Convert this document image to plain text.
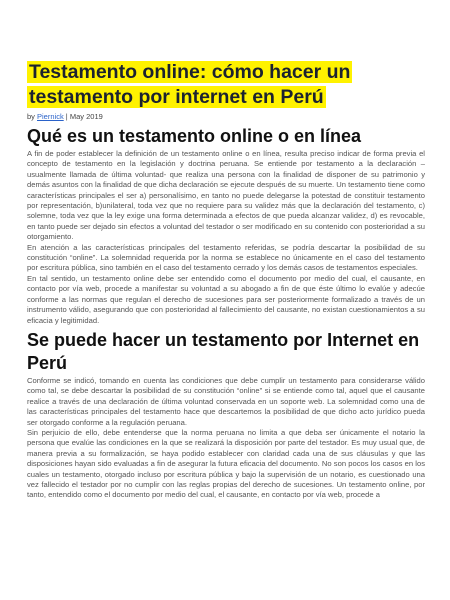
Testamento online: cómo hacer un testamento por internet en Perú

by Piernick | May 2019

Qué es un testamento online o en línea

A fin de poder establecer la definición de un testamento online o en línea, resulta preciso indicar de forma previa el concepto de testamento en la legislación y doctrina peruana. Se entiende por testamento a la declaración –usualmente llamada de última voluntad- que realiza una persona con la finalidad de disponer de su patrimonio y demás asuntos con la finalidad de que dicha declaración se ejecute después de su muerte. Un testamento tiene como características principales el ser a) personalísimo, en tanto no puede delegarse la potestad de constituir testamento por representación, b)unilateral, toda vez que no requiere para su validez más que la declaración del testamento, c) solemne, toda vez que la ley exige una forma determinada a efectos de que pueda alcanzar validez, d) es revocable, en tanto puede ser dejado sin efectos a voluntad del testador o ser modificado en su contenido con posterioridad a su otorgamiento.

En atención a las características principales del testamento referidas, se podría descartar la posibilidad de su constitución “online”. La solemnidad requerida por la norma se establece no únicamente en el caso del testamento por escritura pública, sino también en el caso del testamento cerrado y los demás casos de testamentos especiales.

En tal sentido, un testamento online debe ser entendido como el documento por medio del cual, el causante, en contacto por vía web, procede a manifestar su voluntad a su abogado a fin de que éste último lo evalúe y adecúe conforme a las normas que regulan el derecho de sucesiones para ser posteriormente formalizado a través de un instrumento válido, asegurando que con posterioridad al fallecimiento del causante, no existan cuestionamientos a su eficacia y legitimidad.

Se puede hacer un testamento por Internet en Perú

Conforme se indicó, tomando en cuenta las condiciones que debe cumplir un testamento para considerarse válido como tal, se debe descartar la posibilidad de su constitución “online” si se entiende como tal, aquel que el causante realice a través de una declaración de última voluntad conservada en un soporte web. La solemnidad como una de las características principales del testamento hace que descartemos la posibilidad de que dicho acto jurídico pueda ser otorgado conforme a la regulación peruana.

Sin perjuicio de ello, debe entenderse que la norma peruana no limita a que deba ser únicamente el notario la persona que evalúe las condiciones en la que se realizará la disposición por parte del testador. Es muy usual que, de manera previa a su formalización, se haya podido establecer con claridad cada una de sus cláusulas y que las disposiciones hayan sido evaluadas a fin de asegurar la futura eficacia del documento. No son pocos los casos en los cuales un testamento, otorgado incluso por escritura pública y bajo la supervisión de un notario, es cuestionado una vez fallecido el testador por no cumplir con las reglas propias del derecho de sucesiones. Un testamento online, por tanto, entendido como el documento por medio del cual, el causante, en contacto por vía web, procede a
